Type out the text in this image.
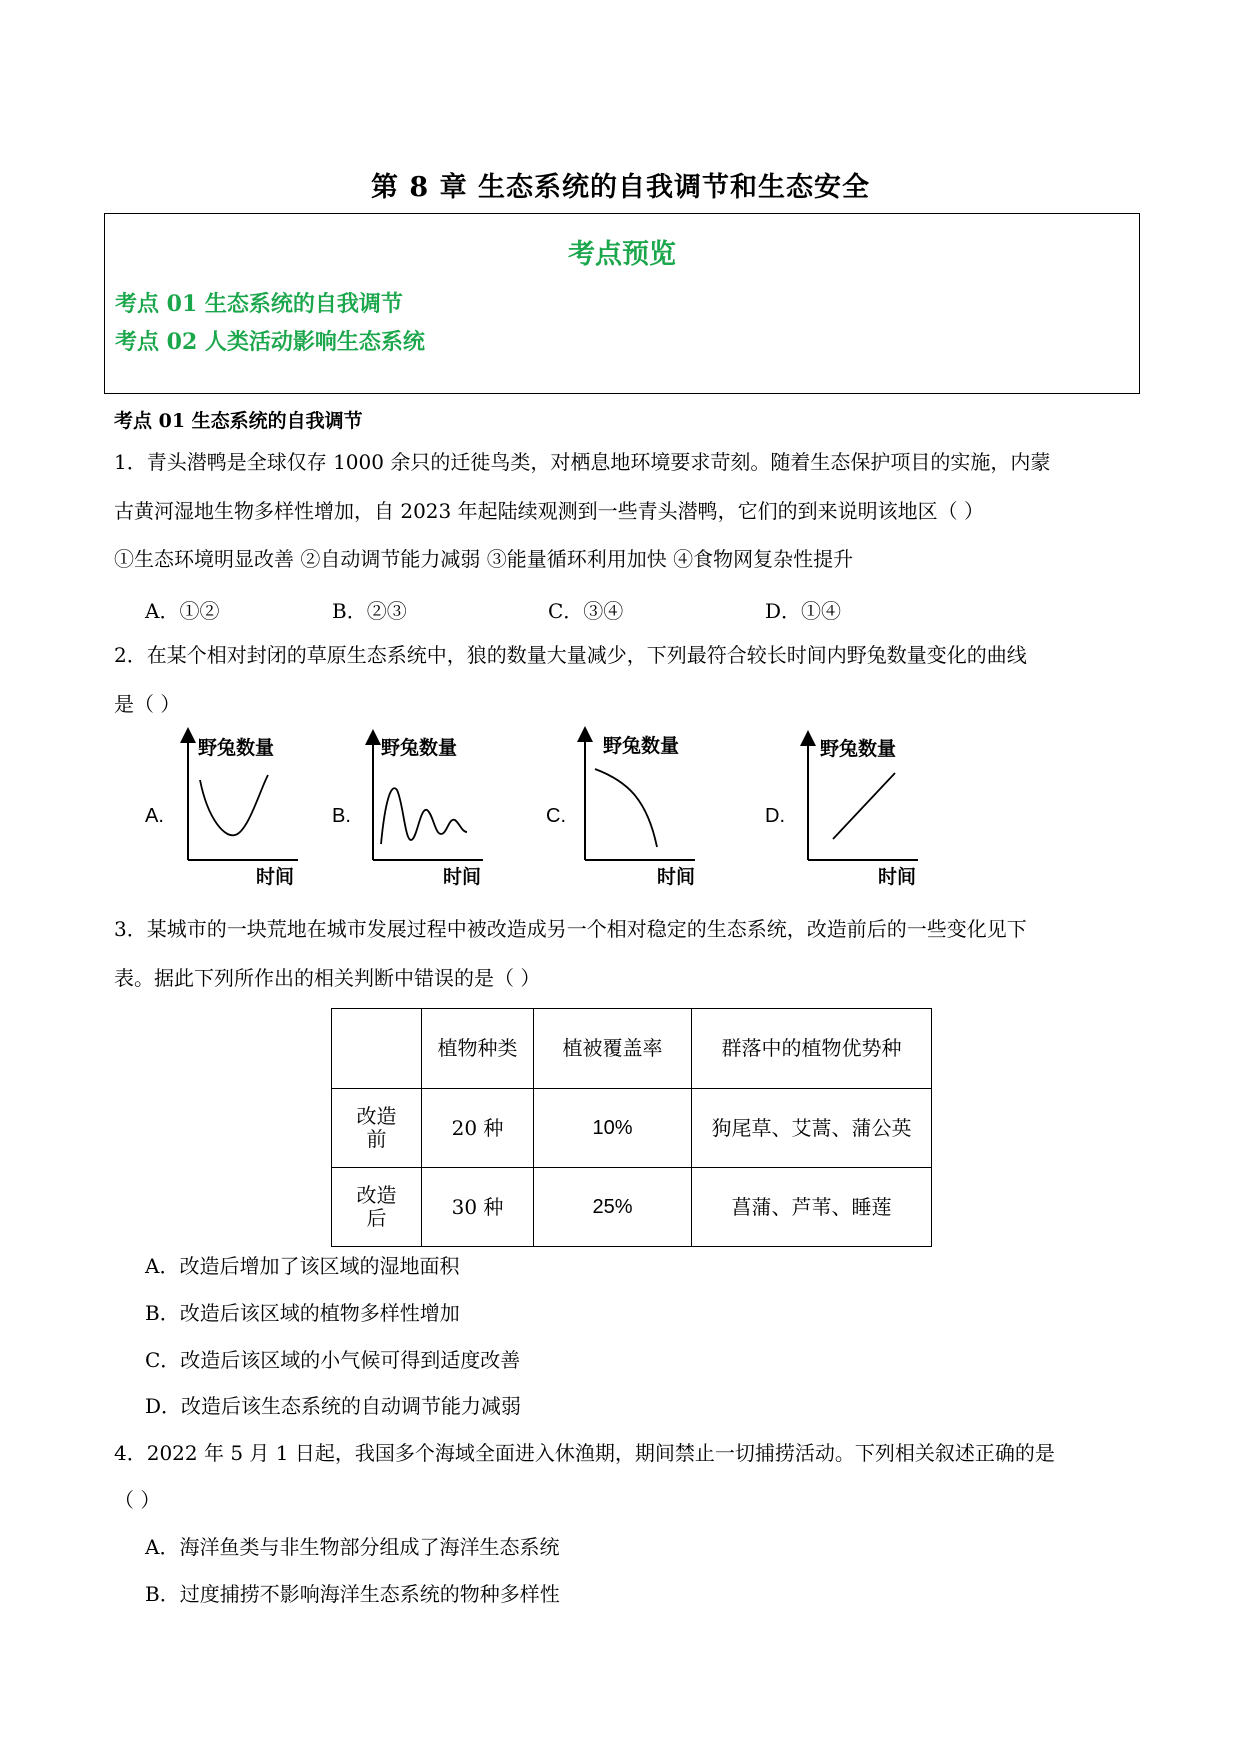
第 8 章 生态系统的自我调节和生态安全
考点预览
考点 01 生态系统的自我调节
考点 02 人类活动影响生态系统
考点 01 生态系统的自我调节
1．青头潜鸭是全球仅存 1000 余只的迁徙鸟类，对栖息地环境要求苛刻。随着生态保护项目的实施，内蒙
古黄河湿地生物多样性增加，自 2023 年起陆续观测到一些青头潜鸭，它们的到来说明该地区（ ）
①生态环境明显改善 ②自动调节能力减弱 ③能量循环利用加快 ④食物网复杂性提升
A．①②	B．②③	C．③④	D．①④
2．在某个相对封闭的草原生态系统中，狼的数量大量减少，下列最符合较长时间内野兔数量变化的曲线
是（ ）
A.
野兔数量
时间
B.
野兔数量
时间
C.
野兔数量
时间
D.
野兔数量
时间
3．某城市的一块荒地在城市发展过程中被改造成另一个相对稳定的生态系统，改造前后的一些变化见下
表。据此下列所作出的相关判断中错误的是（ ）
	植物种类	植被覆盖率	群落中的植物优势种
改造前	20 种	10%	狗尾草、艾蒿、蒲公英
改造后	30 种	25%	菖蒲、芦苇、睡莲
A．改造后增加了该区域的湿地面积
B．改造后该区域的植物多样性增加
C．改造后该区域的小气候可得到适度改善
D．改造后该生态系统的自动调节能力减弱
4．2022 年 5 月 1 日起，我国多个海域全面进入休渔期，期间禁止一切捕捞活动。下列相关叙述正确的是
（ ）
A．海洋鱼类与非生物部分组成了海洋生态系统
B．过度捕捞不影响海洋生态系统的物种多样性
